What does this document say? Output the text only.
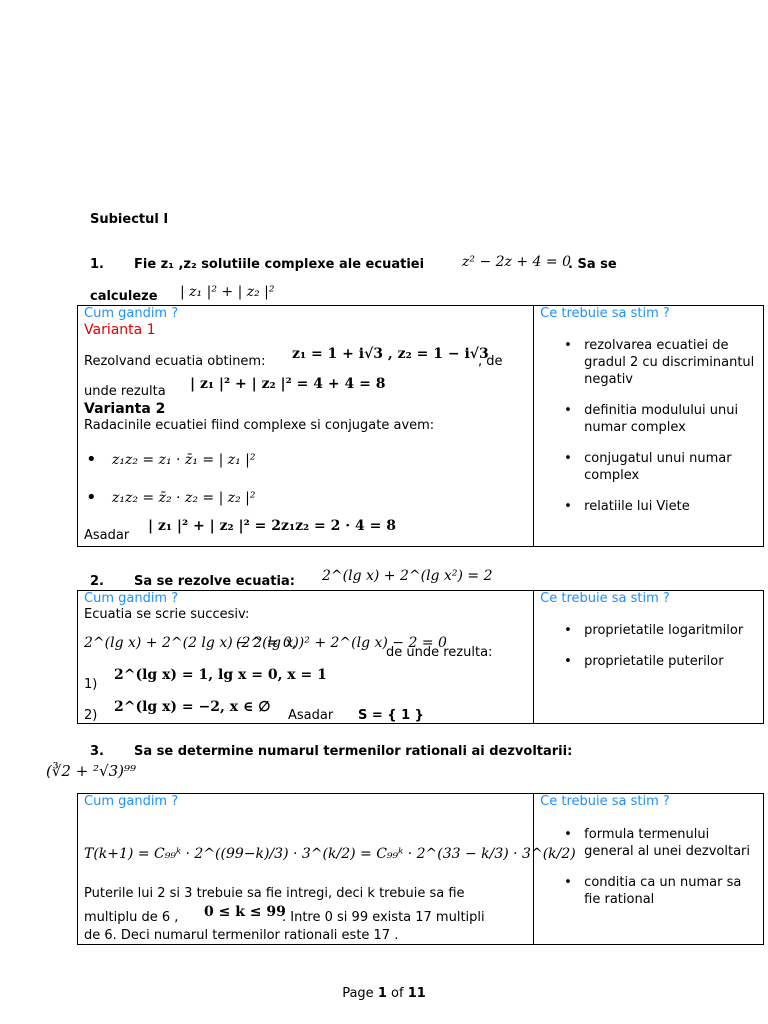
Subiectul I
1. Fie z₁ ,z₂ solutiile complexe ale ecuatiei	z² − 2z + 4 = 0
. Sa se
calculeze | z₁ |² + | z₂ |²
Cum gandim ?
Varianta 1
Rezolvand ecuatia obtinem: z₁ = 1 + i√3 , z₂ = 1 − i√3
, de
unde rezulta | z₁ |² + | z₂ |² = 4 + 4 = 8
Varianta 2
Radacinile ecuatiei fiind complexe si conjugate avem:
• z₁z₂ = z₁ · z̄₁ = | z₁ |²
• z₁z₂ = z̄₂ · z₂ = | z₂ |²
Asadar
| z₁ |² + | z₂ |² = 2z₁z₂ = 2 · 4 = 8

Ce trebuie sa stim ?
• rezolvarea ecuatiei de gradul 2 cu discriminantul negativ
• definitia modulului unui numar complex
• conjugatul unui numar complex
• relatiile lui Viete
2. Sa se rezolve ecuatia: 2^(lg x) + 2^(lg x²) = 2
Cum gandim ?
Ecuatia se scrie succesiv:
2^(lg x) + 2^(2 lg x) − 2 = 0,
(2^(lg x))² + 2^(lg x) − 2 = 0
de unde rezulta:
1)
2^(lg x) = 1, lg x = 0, x = 1
2)
2^(lg x) = −2, x ∈ ∅
Asadar S = { 1 }

Ce trebuie sa stim ?
• proprietatile logaritmilor
• proprietatile puterilor
3. Sa se determine numarul termenilor rationali ai dezvoltarii:
(∛2 + ²√3)⁹⁹
Cum gandim ?
T(k+1) = C₉₉ᵏ · 2^((99−k)/3) · 3^(k/2) = C₉₉ᵏ · 2^(33 − k/3) · 3^(k/2)
Puterile lui 2 si 3 trebuie sa fie intregi, deci k trebuie sa fie
multiplu de 6 , 0 ≤ k ≤ 99
. Intre 0 si 99 exista 17 multipli
de 6. Deci numarul termenilor rationali este 17 .

Ce trebuie sa stim ?
• formula termenului general al unei dezvoltari
• conditia ca un numar sa fie rational
Page 1 of 11
